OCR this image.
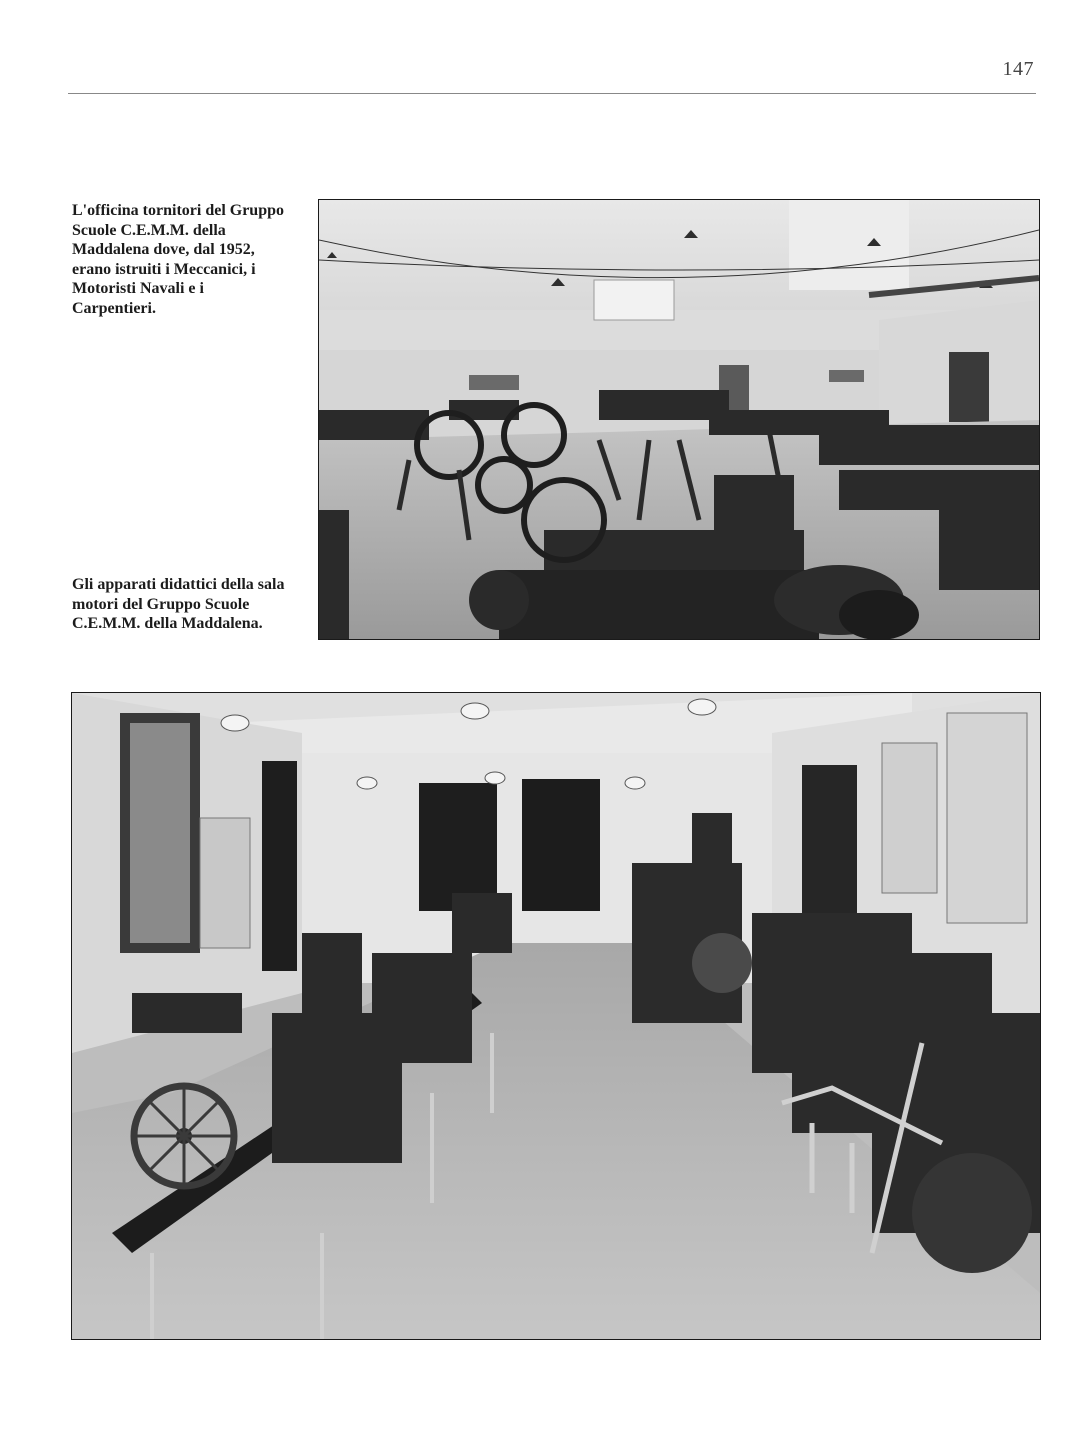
147
L'officina tornitori del Gruppo Scuole C.E.M.M. della Maddalena dove, dal 1952, erano istruiti i Meccanici, i Motoristi Navali e i Carpentieri.
Gli apparati didattici della sala motori del Gruppo Scuole C.E.M.M. della Maddalena.
